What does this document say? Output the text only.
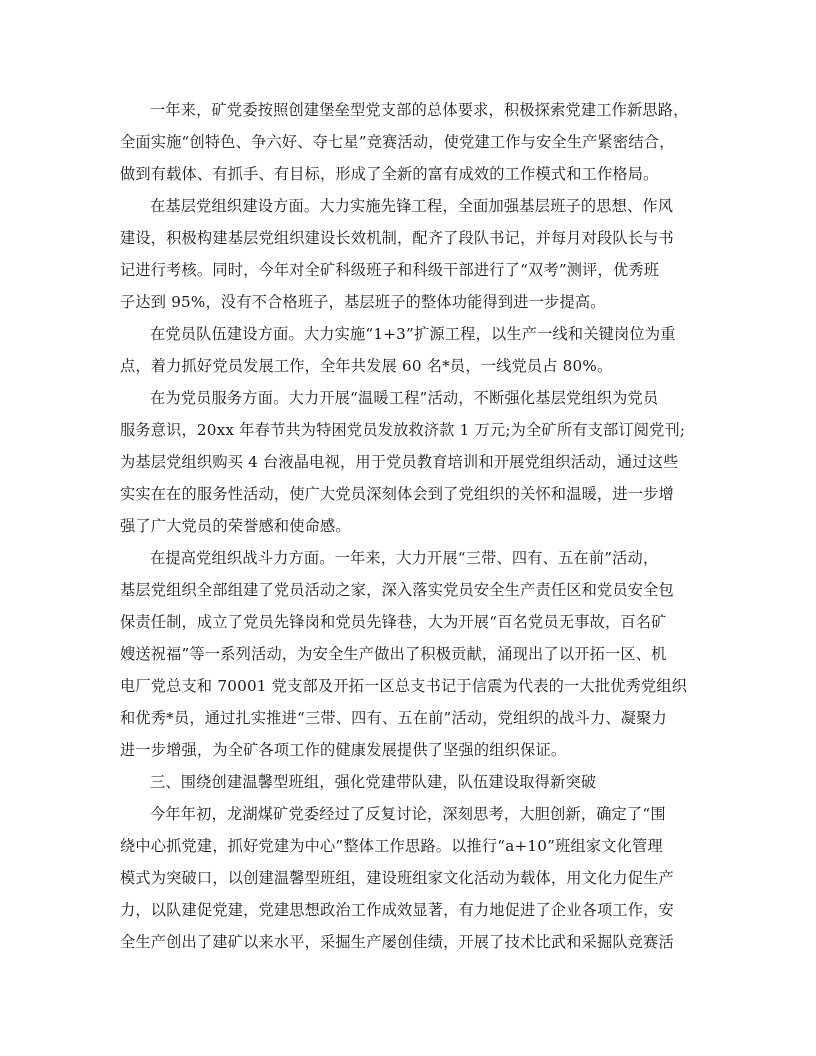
一年来，矿党委按照创建堡垒型党支部的总体要求，积极探索党建工作新思路，
全面实施“创特色、争六好、夺七星”竞赛活动，使党建工作与安全生产紧密结合，
做到有载体、有抓手、有目标，形成了全新的富有成效的工作模式和工作格局。
在基层党组织建设方面。大力实施先锋工程，全面加强基层班子的思想、作风
建设，积极构建基层党组织建设长效机制，配齐了段队书记，并每月对段队长与书
记进行考核。同时，今年对全矿科级班子和科级干部进行了“双考”测评，优秀班
子达到 95%，没有不合格班子，基层班子的整体功能得到进一步提高。
在党员队伍建设方面。大力实施“1+3”扩源工程，以生产一线和关键岗位为重
点，着力抓好党员发展工作，全年共发展 60 名*员，一线党员占 80%。
在为党员服务方面。大力开展“温暖工程”活动，不断强化基层党组织为党员
服务意识，20xx 年春节共为特困党员发放救济款 1 万元;为全矿所有支部订阅党刊;
为基层党组织购买 4 台液晶电视，用于党员教育培训和开展党组织活动，通过这些
实实在在的服务性活动，使广大党员深刻体会到了党组织的关怀和温暖，进一步增
强了广大党员的荣誉感和使命感。
在提高党组织战斗力方面。一年来，大力开展“三带、四有、五在前”活动，
基层党组织全部组建了党员活动之家，深入落实党员安全生产责任区和党员安全包
保责任制，成立了党员先锋岗和党员先锋巷，大为开展“百名党员无事故，百名矿
嫂送祝福”等一系列活动，为安全生产做出了积极贡献，涌现出了以开拓一区、机
电厂党总支和 70001 党支部及开拓一区总支书记于信震为代表的一大批优秀党组织
和优秀*员，通过扎实推进“三带、四有、五在前”活动，党组织的战斗力、凝聚力
进一步增强，为全矿各项工作的健康发展提供了坚强的组织保证。
三、围绕创建温馨型班组，强化党建带队建，队伍建设取得新突破
今年年初，龙湖煤矿党委经过了反复讨论，深刻思考，大胆创新，确定了“围
绕中心抓党建，抓好党建为中心”整体工作思路。以推行“a+10”班组家文化管理
模式为突破口，以创建温馨型班组，建设班组家文化活动为载体，用文化力促生产
力，以队建促党建，党建思想政治工作成效显著，有力地促进了企业各项工作，安
全生产创出了建矿以来水平，采掘生产屡创佳绩，开展了技术比武和采掘队竞赛活
